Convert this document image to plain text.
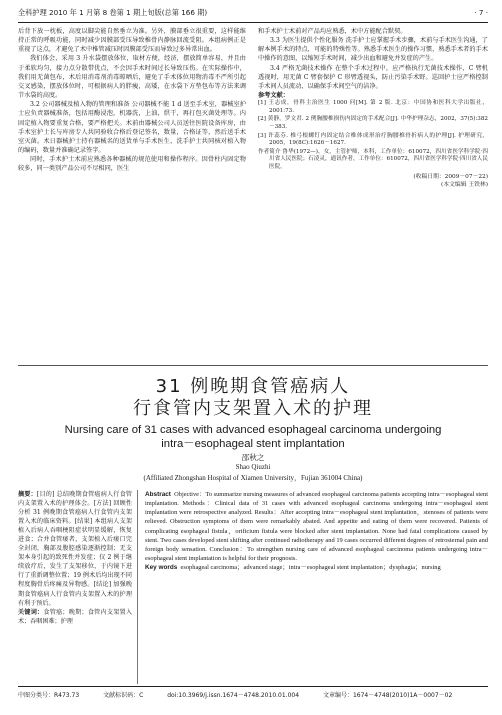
全科护理 2010 年 1 月第 8 卷第 1 期上旬版(总第 166 期)	· 7 ·

后背下放一枕板，高度以脚尖能自然垂立为准。另外，膜部垂立很重要，这样能维持正常的呼吸功能，同时减少因膜部受压导致椎骨内静脉回流受阻。本组病例正是重视了这点，才避免了术中椎管减压时因膜部受压而导致过多异常出血。

我们体会，采用 3 升水袋摆放体位，取材方便，经济，摆放简单容易，并且由于柔软均匀，接力点分散带优点，不会因手术时间过长导致压伤。在实际操作中，我们用无菌包布，术后用消毒剂消毒晾晒后，避免了手术体位用物消毒不严所引起交叉感染，摆放体位时，可根据病人的胖瘦，高矮，在水袋下方垫包布等方法来调节水袋的高度。

3.2 公司器械及植入物的管理和准备 公司器械不能 1 d 送至手术室，器械室护士应负责器械准备，包括用酶浸泡，机器洗，上油，烘干，再打包灭菌处理等。内固定植入物要重复合格，要严格把关。术前由器械公司人员送往医院设备库房，由手术室护士长与库房专人共同验收合格后登记签名，数量，合格证等，然后送手术室灭菌。术日器械护士持有器械名的送货单与手术医生，洗手护士共同核对植入物的编码，数量并准确记录签字。

同时，手术护士术前应熟悉各种器械的规范使用和操作程序。因骨柱内固定物较多，同一类别产品公司不尽相同，医生

和手术护士术前对产品均应熟悉，术中方能配合默契。

3.3 为医生提供个性化服务 洗手护士应掌握手术步骤，术前与手术医生沟通，了解本例手术的特点，可能的特殊性等。熟悉手术医生的操作习惯，熟悉手术者的手术中操作的意图，以缩短手术时间，减少出血和避免并发症的产生。

3.4 严格无菌技术操作 在整个手术过程中，应严格执行无菌技术操作，C 臂机透视时，用无菌 C 臂套保护 C 形臂透视头，防止污染手术野。巡回护士应严格控制手术间人员流动，以确保手术间空气的洁净。

参考文献：

[1] 王志成，骨科主治医生 1000 问[M]. 第 2 版. 北京：中国协和医科大学出版社，2001:73.
[2] 黄静，罗文君. 2 例胸腰椎损伤内固定的手术配合[J]. 中华护理杂志，2002，37(5):382－383.
[3] 许蕊芬. 椎弓根螺钉内固定结合椎体成形治疗胸腰椎骨折病人的护理[J]. 护理研究，2005，19(8C):1626－1627.
作者简介 鲁华(1972—)，女，主管护师，本科，工作单位：610072，四川省医学科学院·四川省人民医院；石凌灵，通讯作者，工作单位：610072，四川省医学科学院·四川省人民医院。
(收稿日期：2009－07－22)
(本文编辑 王铁林)
31 例晚期食管癌病人
行食管内支架置入术的护理
Nursing care of 31 cases with advanced esophageal carcinoma undergoing
intra－esophageal stent implantation
邵秋之
Shao Qiuzhi
(Affiliated Zhongshan Hospital of Xiamen University，Fujian 361004 China)
摘要：[目的] 总结晚期食管癌病人行食管内支架置入术的护理体会。[方法] 回顾性分析 31 例晚期食管癌病人行食管内支架置入术的临床资料。[结果] 本组病人支架植入后病人吞咽梗阻症状明显缓解，恢复进食；合并食管瘘者，支架植入后瘘口完全封闭，胸部及腹腔感染逐渐控制；无支架本身引起的致死性并发症；仅 2 例于继续放疗后，发生了支架移位，于内镜下进行了重新调整位置；19 例术后均出现不同程度胸骨后疼痛及异物感。[结论] 加强晚期食管癌病人行食管内支架置入术的护理有利于预后。
关键词：食管癌；晚期；食管内支架置入术；吞咽困难；护理
Abstract Objective：To summarize nursing measures of advanced esophageal carcinoma patients accepting intra－esophageal stent implantation. Methods：Clinical data of 31 cases with advanced esophageal carcinoma undergoing intra－esophageal stent implantation were retrospective analyzed. Results：After accepting intra－esophageal stent implantation，stenoses of patients were relieved. Obstruction symptoms of them were remarkably abated. And appetite and eating of them were recovered. Patients of complicating esophageal fistula，orificium fistula were blocked after stent implantation. None had fatal complications caused by stent. Two cases developed stent shifting after continued radiotherapy and 19 cases occurred different degrees of retrosternal pain and foreign body sensation. Conclusion：To strengthen nursing care of advanced esophageal carcinoma patients undergoing intra－esophageal stent implantation is helpful for their prognosis.
Key words esophageal carcinoma；advanced stage；intra－esophageal stent implantation；dysphagia；nursing
中图分类号：R473.73	文献标识码：C	doi:10.3969/j.issn.1674－4748.2010.01.004	文章编号：1674－4748(2010)1A－0007－02
